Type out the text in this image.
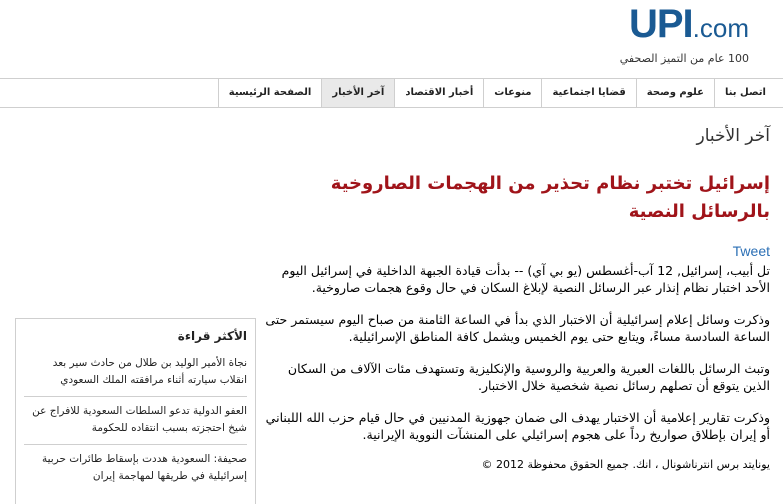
UPI.com
100 عام من التميز الصحفي
الصفحة الرئيسية	آخر الأخبار	أخبار الاقتصاد	منوعات	قضايا اجتماعية	علوم وصحة	اتصل بنا
آخر الأخبار
إسرائيل تختبر نظام تحذير من الهجمات الصاروخية بالرسائل النصية
Tweet

تل أبيب، إسرائيل, 12 آب-أغسطس (يو بي آي) -- بدأت قيادة الجبهة الداخلية في إسرائيل اليوم الأحد اختبار نظام إنذار عبر الرسائل النصية لإبلاغ السكان في حال وقوع هجمات صاروخية.

وذكرت وسائل إعلام إسرائيلية أن الاختبار الذي بدأ في الساعة الثامنة من صباح اليوم سيستمر حتى الساعة السادسة مساءً، ويتابع حتى يوم الخميس ويشمل كافة المناطق الإسرائيلية.

وتبث الرسائل باللغات العبرية والعربية والروسية والإنكليزية وتستهدف مئات الآلاف من السكان الذين يتوقع أن تصلهم رسائل نصية شخصية خلال الاختبار.

وذكرت تقارير إعلامية أن الاختبار يهدف الى ضمان جهوزية المدنيين في حال قيام حزب الله اللبناني أو إيران بإطلاق صواريخ رداً على هجوم إسرائيلي على المنشآت النووية الإيرانية.

يونايتد برس انترناشونال ، انك. جميع الحقوق محفوظة 2012 ©

الأكثر قراءة
نجاة الأمير الوليد بن طلال من حادث سير بعد انقلاب سيارته أثناء مرافقته الملك السعودي
العفو الدولية تدعو السلطات السعودية للافراج عن شيخ احتجزته بسبب انتقاده للحكومة
صحيفة: السعودية هددت بإسقاط طائرات حربية إسرائيلية في طريقها لمهاجمة إيران
